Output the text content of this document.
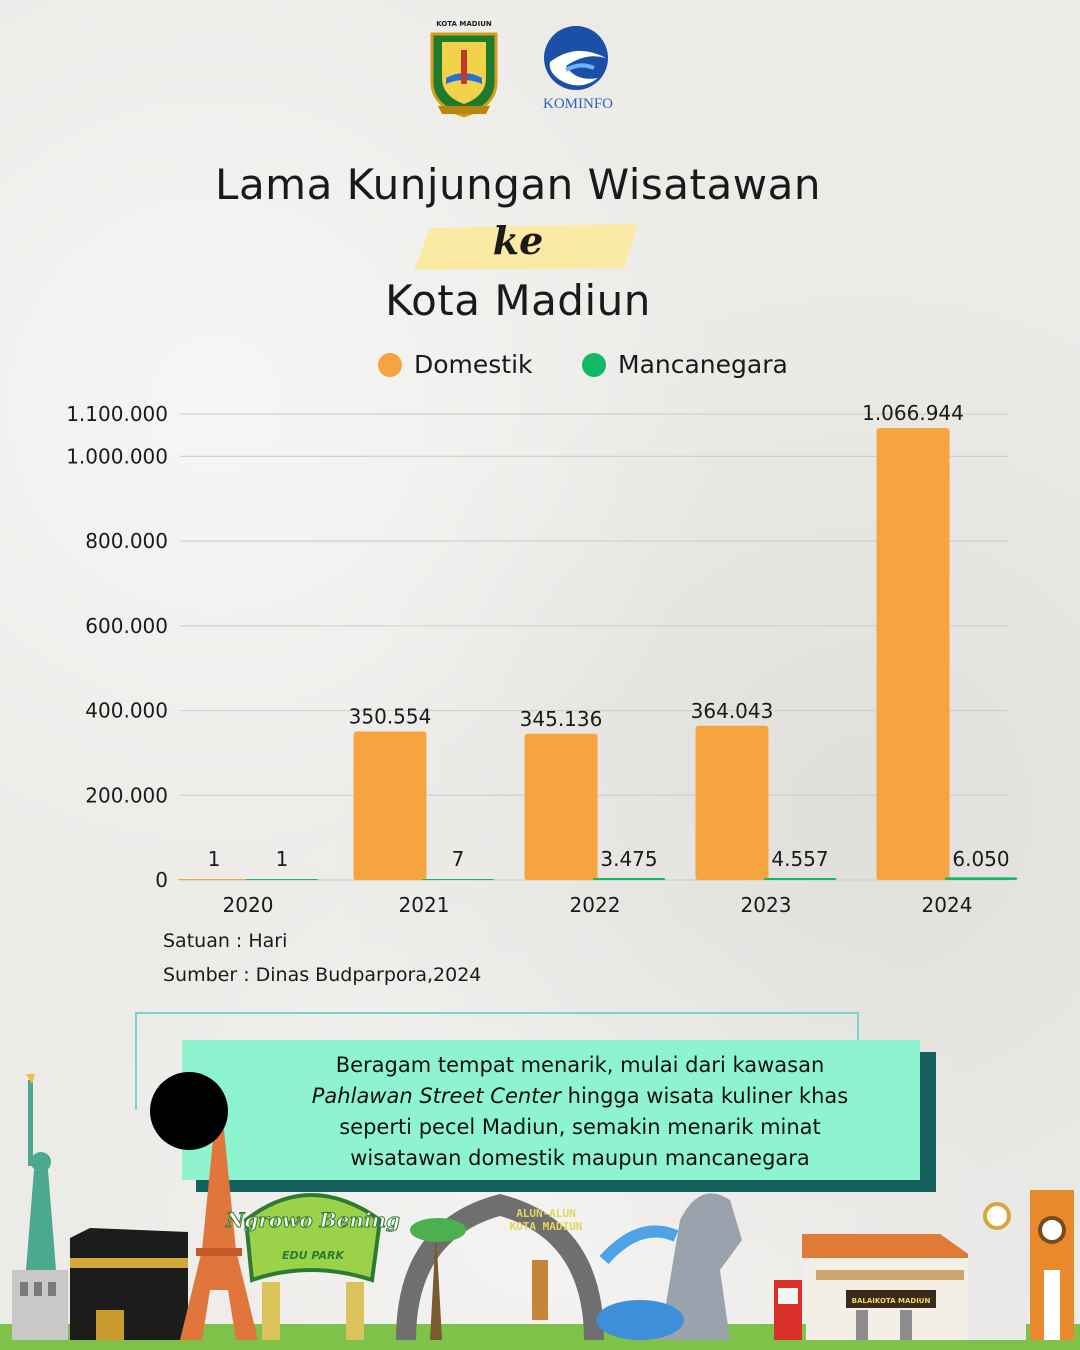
KOTA MADIUN
KOMINFO
Lama Kunjungan Wisatawan
ke
Kota Madiun
Domestik	Mancanegara
0
200.000
400.000
600.000
800.000
1.000.000
1.100.000
1	1
350.554
7
345.136
3.475
364.043
4.557
1.066.944
6.050
2020	2021	2022	2023	2024
Satuan : Hari
Sumber : Dinas Budparpora,2024
Beragam tempat menarik, mulai dari kawasan
Pahlawan Street Center hingga wisata kuliner khas
seperti pecel Madiun, semakin menarik minat
wisatawan domestik maupun mancanegara
Ngrowo Bening
EDU PARK
ALUN-ALUN
KOTA MADIUN
BALAIKOTA MADIUN
